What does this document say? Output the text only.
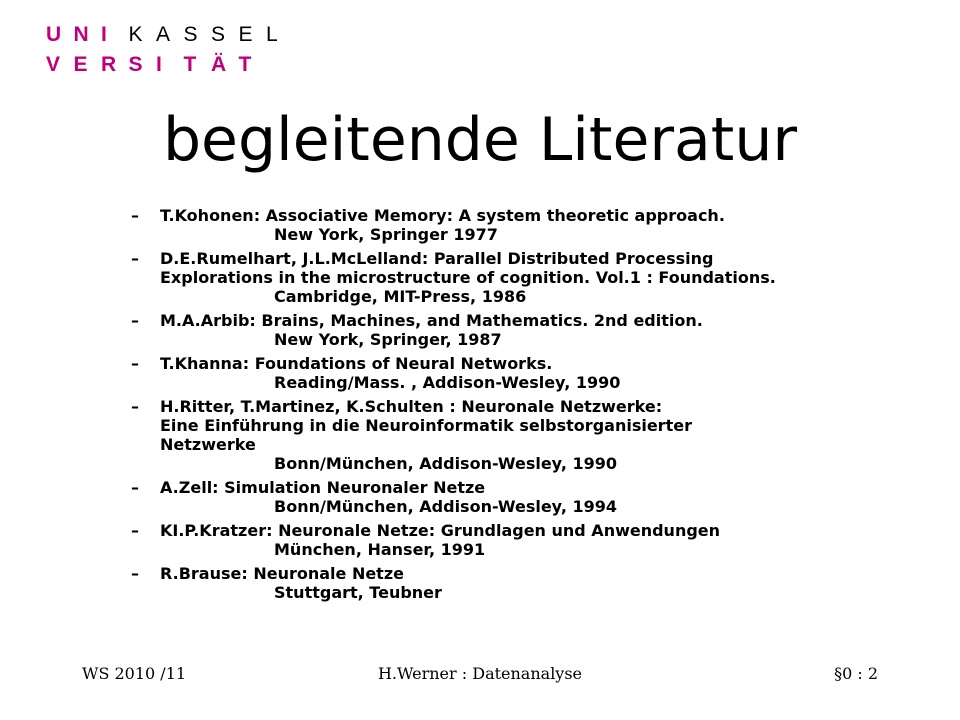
U N I	K A S S E L
V E R S I	T Ä T
begleitende Literatur
– T.Kohonen: Associative Memory: A system theoretic approach.
New York, Springer 1977
– D.E.Rumelhart, J.L.McLelland: Parallel Distributed Processing
Explorations in the microstructure of cognition. Vol.1 : Foundations.
Cambridge, MIT-Press, 1986
– M.A.Arbib: Brains, Machines, and Mathematics. 2nd edition.
New York, Springer, 1987
– T.Khanna: Foundations of Neural Networks.
Reading/Mass. , Addison-Wesley, 1990
– H.Ritter, T.Martinez, K.Schulten : Neuronale Netzwerke:
Eine Einführung in die Neuroinformatik selbstorganisierter
Netzwerke
Bonn/München, Addison-Wesley, 1990
– A.Zell: Simulation Neuronaler Netze
Bonn/München, Addison-Wesley, 1994
– KI.P.Kratzer: Neuronale Netze: Grundlagen und Anwendungen
München, Hanser, 1991
– R.Brause: Neuronale Netze
Stuttgart, Teubner
WS 2010 /11	H.Werner : Datenanalyse	§0 : 2
